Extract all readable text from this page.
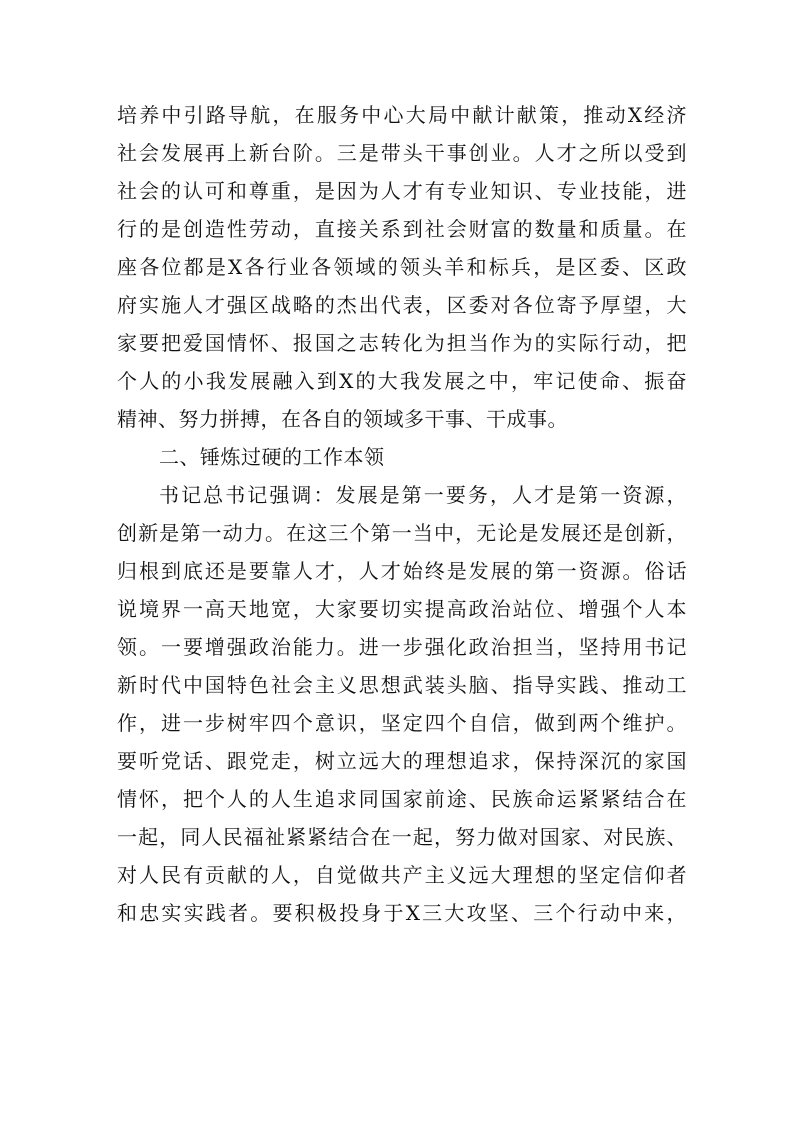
培养中引路导航，在服务中心大局中献计献策，推动X经济
社会发展再上新台阶。三是带头干事创业。人才之所以受到
社会的认可和尊重，是因为人才有专业知识、专业技能，进
行的是创造性劳动，直接关系到社会财富的数量和质量。在
座各位都是X各行业各领域的领头羊和标兵，是区委、区政
府实施人才强区战略的杰出代表，区委对各位寄予厚望，大
家要把爱国情怀、报国之志转化为担当作为的实际行动，把
个人的小我发展融入到X的大我发展之中，牢记使命、振奋
精神、努力拼搏，在各自的领域多干事、干成事。
二、锤炼过硬的工作本领
书记总书记强调：发展是第一要务，人才是第一资源，
创新是第一动力。在这三个第一当中，无论是发展还是创新，
归根到底还是要靠人才，人才始终是发展的第一资源。俗话
说境界一高天地宽，大家要切实提高政治站位、增强个人本
领。一要增强政治能力。进一步强化政治担当，坚持用书记
新时代中国特色社会主义思想武装头脑、指导实践、推动工
作，进一步树牢四个意识，坚定四个自信，做到两个维护。
要听党话、跟党走，树立远大的理想追求，保持深沉的家国
情怀，把个人的人生追求同国家前途、民族命运紧紧结合在
一起，同人民福祉紧紧结合在一起，努力做对国家、对民族、
对人民有贡献的人，自觉做共产主义远大理想的坚定信仰者
和忠实实践者。要积极投身于X三大攻坚、三个行动中来，
